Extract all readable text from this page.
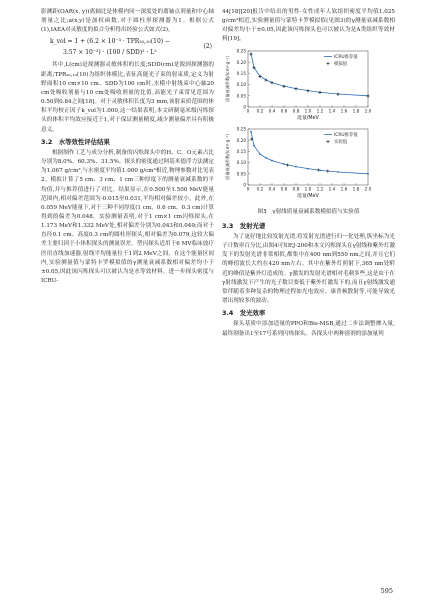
影测距(OAR(x, y))离轴比是体模内同一深度处的离轴点剂量和中心轴剂量之比;a(x,y)是加权函数,对于圆柱形探测器为1。根据公式(1),IAEA对灵敏度的拟合分析得出经验公式如式(2)。

k_vol = 1 + (6.2 × 10⁻³ · TPR₂₀,₁₀(10) −
3.57 × 10⁻³) · (100 / SDD)² · L²
(2)

其中,L(cm)是探测器灵敏体积的长度;SDD(cm)是源到探测器的距离;TPR₂₀,₁₀(10)为组织体模比,表征高能光子束的射束质,定义为射野面积10 cm×10 cm、SDD为100 cm时,水模中射线束中心轴20 cm处吸收剂量与10 cm处吸收剂量的比值,高能光子束常见范围为0.50到0.84之间[18]。对于灵敏体积长度为3 mm,该射束质范围的体积平均校正因子k_vol为1.000,这一结果表明,本文研制毫米级闪烁探头的体积平均效应接近于1,对于保证测量精度,减少测量偏差具有积极意义。

3.2　水等效性评估结果

根据制作工艺与成分分析,制备的闪烁探头中的H、C、O元素占比分别为8.0%、60.3%、31.5%。探头的密度通过阿基米德浮力法测定为1.067 g/cm³,与水密度平均值1.000 g/cm³相近,物理参数对比见表2。模拟计算了5 cm、3 cm、1 cm三种厚度下的测量衰减系数的平均值,并与推荐值进行了对比。结果显示,在0.500至1.500 MeV能量范围内,相对偏差范围为-0.015至0.031,平均相对偏差较小。此外,在0.059 MeV能量下,对于三种不同厚度(1 cm、0.6 cm、0.3 cm)计算得到的偏差为0.048。实验测量表明,对于1 cm×1 cm闪烁探头,在1.173 MeV和1.332 MeV处,相对偏差分别为0.043和0.049;而对于直径0.1 cm、高度0.3 cm的圆柱形探头,相对偏差为0.079,这较大偏差主要归因于小体积探头的测量误差。塑闪探头适用于6 MV临床放疗医用直线加速器,射线平均能量位于1到2 MeV之间。在这个能量区间内,实验测量值与蒙特卡罗模拟值的γ测量衰减系数相对偏差均小于±0.05,因此该闪烁探头可以被认为是水等效材料。进一步探头密度与ICRU-

44[18][20]报告中给出的男性-女性成年人软组织密度平均值1.025 g/cm³相近,实验测量值与蒙特卡罗模拟值(见图3)的γ测量衰减系数相对偏差均小于±0.05,因此该闪烁探头也可以被认为是A类组织等效材料[19]。

0
0.05
0.10
0.15
0.20
0.25
0 0.2 0.4 0.6 0.8 1.0 1.2 1.4 1.6 1.8 2.0
能量/MeV
质量衰减系数/(cm²·g⁻¹)	ICRU推荐值
模拟值
0
0.05
0.10
0.15
0.20
0.25
0 0.2 0.4 0.6 0.8 1.0 1.2 1.4 1.6 1.8 2.0
能量/MeV
质量衰减系数/(cm²·g⁻¹)	ICRU推荐值
实验值
图3　γ射线质量衰减系数模拟值与实验值
3.3　发射光谱

为了更好地比较发射光谱,将发射光谱进行归一化处理,纵坐标为光子计数率百分比,由图4可知EJ-200和本文闪烁探头在γ射线和紫外灯激发下的发射光谱非常相似,都集中在400 nm到550 nm之间,并且它们的峰值波长大约在420 nm左右。其中在紫外灯照射下,365 nm处附近的峰值是紫外灯造成的。γ激发的发射光谱相对毛刺多些,这是由于在γ射线激发下产生的光子数目要低于紫外灯激发下的,而且γ射线激发通常伴随着多种复杂的物理过程如光电效应、康普顿散射等,可能导致光谱出现较多的波动。

3.4　发光效率

探头基质中添加适量的PPO和Bis-MSB,通过二步法调整掺入量,最终制备出1至17号系列闪烁探头。各探头中两种溶剂的添加量列

595
